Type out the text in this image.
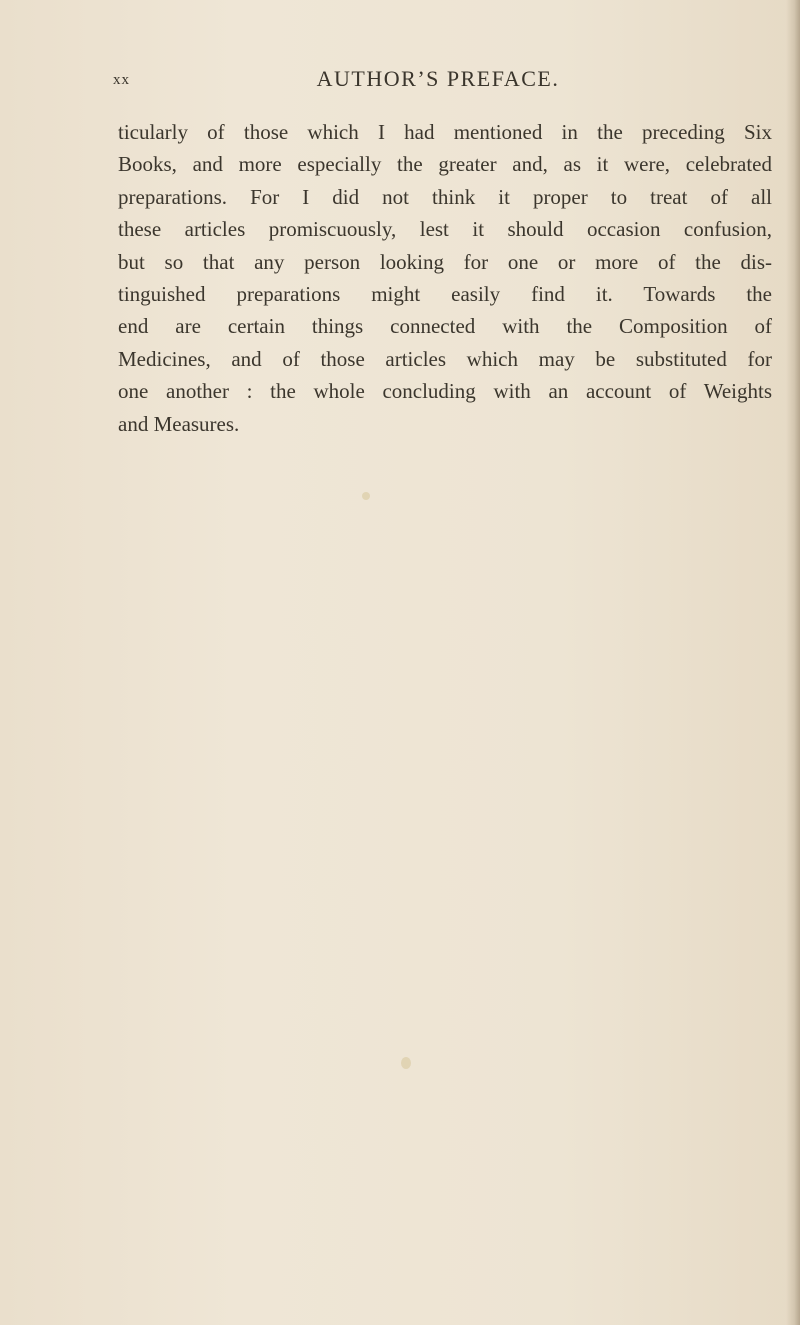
xx	AUTHOR’S PREFACE.
ticularly of those which I had mentioned in the preceding Six
Books, and more especially the greater and, as it were, celebrated
preparations. For I did not think it proper to treat of all
these articles promiscuously, lest it should occasion confusion,
but so that any person looking for one or more of the dis-
tinguished preparations might easily find it. Towards the
end are certain things connected with the Composition of
Medicines, and of those articles which may be substituted for
one another : the whole concluding with an account of Weights
and Measures.
